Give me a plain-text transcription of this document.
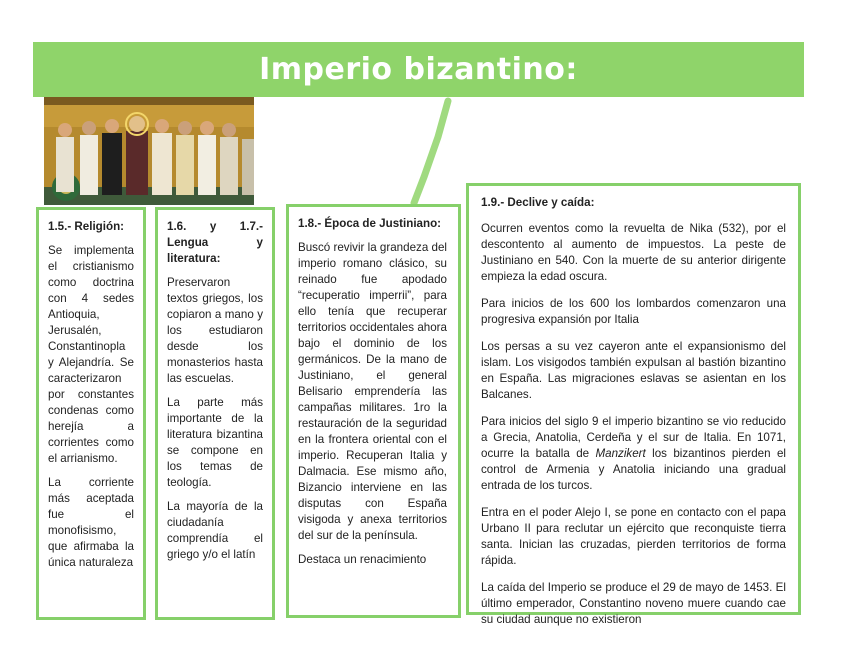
Imperio bizantino:
1.5.- Religión:

Se implementa el cristianismo como doctrina con 4 sedes Antioquia, Jerusalén, Constantinopla y Alejandría. Se caracterizaron por constantes condenas como herejía a corrientes como el arrianismo.

La corriente más aceptada fue el monofisismo, que afirmaba la única naturaleza

1.6. y 1.7.- Lengua y literatura:

Preservaron textos griegos, los copiaron a mano y los estudiaron desde los monasterios hasta las escuelas.

La parte más importante de la literatura bizantina se compone en los temas de teología.

La mayoría de la ciudadanía comprendía el griego y/o el latín

1.8.- Época de Justiniano:

Buscó revivir la grandeza del imperio romano clásico, su reinado fue apodado “recuperatio imperrii”, para ello tenía que recuperar territorios occidentales ahora bajo el dominio de los germánicos. De la mano de Justiniano, el general Belisario emprendería las campañas militares. 1ro la restauración de la seguridad en la frontera oriental con el imperio. Recuperan Italia y Dalmacia. Ese mismo año, Bizancio interviene en las disputas con España visigoda y anexa territorios del sur de la península.

Destaca un renacimiento

1.9.- Declive y caída:

Ocurren eventos como la revuelta de Nika (532), por el descontento al aumento de impuestos. La peste de Justiniano en 540. Con la muerte de su anterior dirigente empieza la edad oscura.

Para inicios de los 600 los lombardos comenzaron una progresiva expansión por Italia

Los persas a su vez cayeron ante el expansionismo del islam. Los visigodos también expulsan al bastión bizantino en España. Las migraciones eslavas se asientan en los Balcanes.

Para inicios del siglo 9 el imperio bizantino se vio reducido a Grecia, Anatolia, Cerdeña y el sur de Italia. En 1071, ocurre la batalla de Manzikert los bizantinos pierden el control de Armenia y Anatolia iniciando una gradual entrada de los turcos.

Entra en el poder Alejo I, se pone en contacto con el papa Urbano II para reclutar un ejército que reconquiste tierra santa. Inician las cruzadas, pierden territorios de forma rápida.

La caída del Imperio se produce el 29 de mayo de 1453. El último emperador, Constantino noveno muere cuando cae su ciudad aunque no existieron
